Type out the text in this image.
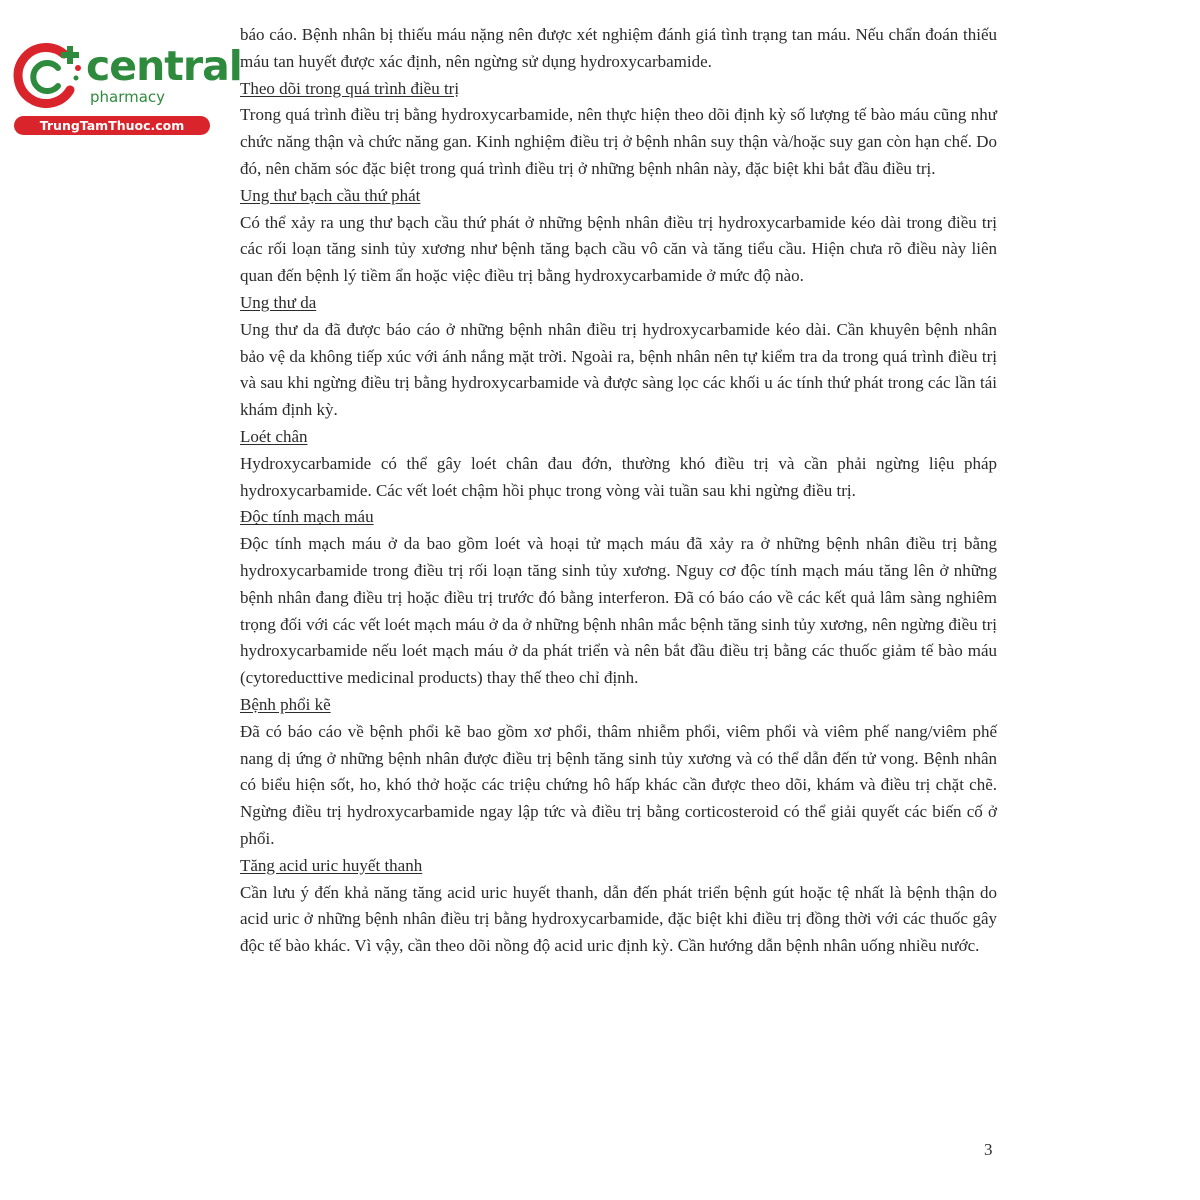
central
pharmacy
TrungTamThuoc.com

báo cáo. Bệnh nhân bị thiếu máu nặng nên được xét nghiệm đánh giá tình trạng tan máu. Nếu chẩn đoán thiếu máu tan huyết được xác định, nên ngừng sử dụng hydroxycarbamide.

Theo dõi trong quá trình điều trị

Trong quá trình điều trị bằng hydroxycarbamide, nên thực hiện theo dõi định kỳ số lượng tế bào máu cũng như chức năng thận và chức năng gan. Kinh nghiệm điều trị ở bệnh nhân suy thận và/hoặc suy gan còn hạn chế. Do đó, nên chăm sóc đặc biệt trong quá trình điều trị ở những bệnh nhân này, đặc biệt khi bắt đầu điều trị.

Ung thư bạch cầu thứ phát

Có thể xảy ra ung thư bạch cầu thứ phát ở những bệnh nhân điều trị hydroxycarbamide kéo dài trong điều trị các rối loạn tăng sinh tủy xương như bệnh tăng bạch cầu vô căn và tăng tiểu cầu. Hiện chưa rõ điều này liên quan đến bệnh lý tiềm ẩn hoặc việc điều trị bằng hydroxycarbamide ở mức độ nào.

Ung thư da

Ung thư da đã được báo cáo ở những bệnh nhân điều trị hydroxycarbamide kéo dài. Cần khuyên bệnh nhân bảo vệ da không tiếp xúc với ánh nắng mặt trời. Ngoài ra, bệnh nhân nên tự kiểm tra da trong quá trình điều trị và sau khi ngừng điều trị bằng hydroxycarbamide và được sàng lọc các khối u ác tính thứ phát trong các lần tái khám định kỳ.

Loét chân

Hydroxycarbamide có thể gây loét chân đau đớn, thường khó điều trị và cần phải ngừng liệu pháp hydroxycarbamide. Các vết loét chậm hồi phục trong vòng vài tuần sau khi ngừng điều trị.

Độc tính mạch máu

Độc tính mạch máu ở da bao gồm loét và hoại tử mạch máu đã xảy ra ở những bệnh nhân điều trị bằng hydroxycarbamide trong điều trị rối loạn tăng sinh tủy xương. Nguy cơ độc tính mạch máu tăng lên ở những bệnh nhân đang điều trị hoặc điều trị trước đó bằng interferon. Đã có báo cáo về các kết quả lâm sàng nghiêm trọng đối với các vết loét mạch máu ở da ở những bệnh nhân mắc bệnh tăng sinh tủy xương, nên ngừng điều trị hydroxycarbamide nếu loét mạch máu ở da phát triển và nên bắt đầu điều trị bằng các thuốc giảm tế bào máu (cytoreducttive medicinal products) thay thế theo chỉ định.

Bệnh phổi kẽ

Đã có báo cáo về bệnh phổi kẽ bao gồm xơ phổi, thâm nhiễm phổi, viêm phổi và viêm phế nang/viêm phế nang dị ứng ở những bệnh nhân được điều trị bệnh tăng sinh tủy xương và có thể dẫn đến tử vong. Bệnh nhân có biểu hiện sốt, ho, khó thở hoặc các triệu chứng hô hấp khác cần được theo dõi, khám và điều trị chặt chẽ. Ngừng điều trị hydroxycarbamide ngay lập tức và điều trị bằng corticosteroid có thể giải quyết các biến cố ở phổi.

Tăng acid uric huyết thanh

Cần lưu ý đến khả năng tăng acid uric huyết thanh, dẫn đến phát triển bệnh gút hoặc tệ nhất là bệnh thận do acid uric ở những bệnh nhân điều trị bằng hydroxycarbamide, đặc biệt khi điều trị đồng thời với các thuốc gây độc tế bào khác. Vì vậy, cần theo dõi nồng độ acid uric định kỳ. Cần hướng dẫn bệnh nhân uống nhiều nước.

3
